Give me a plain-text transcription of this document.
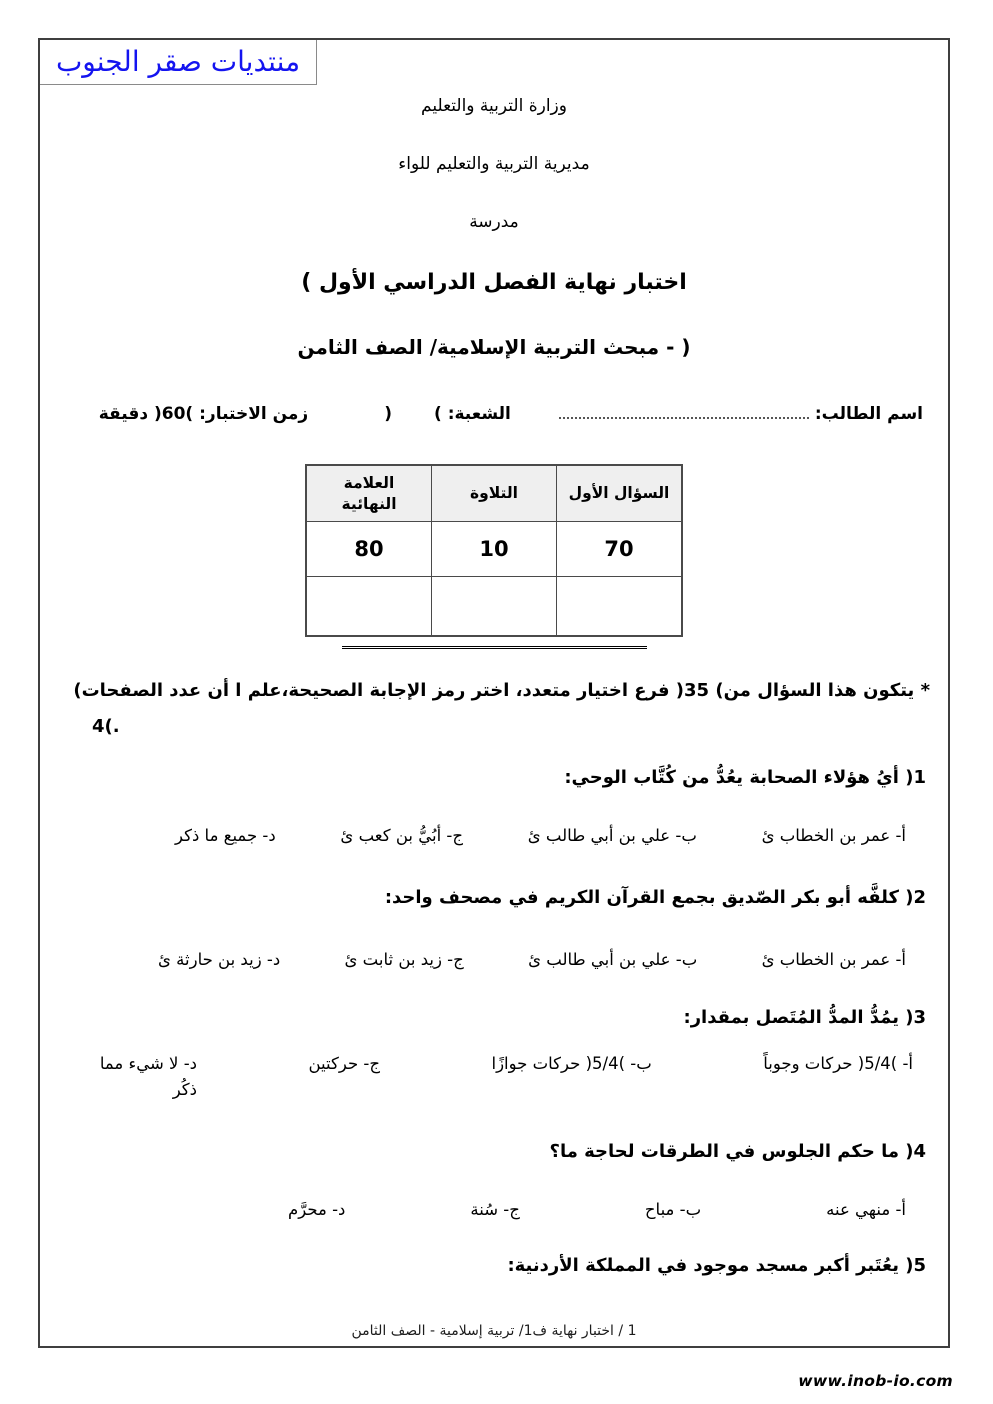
منتديات صقر الجنوب
وزارة التربية والتعليم
مديرية التربية والتعليم للواء
مدرسة
اختبار نهاية الفصل الدراسي الأول )
( - مبحث التربية الإسلامية/ الصف الثامن
اسم الطالب:
الشعبة: )
(
زمن الاختبار: )60( دقيقة
السؤال الأول	التلاوة	العلامة النهائية
70	10	80

* يتكون هذا السؤال من) 35( فرع اختيار متعدد، اختر رمز الإجابة الصحيحة،علم ا أن عدد الصفحات)
4(.
1( أيُ هؤلاء الصحابة يعُدُّ من كُتَّاب الوحي:
أ- عمر بن الخطاب ئ
ب- علي بن أبي طالب ئ
ج- أبُيُّ بن كعب ئ
د- جميع ما ذكر
2( كلفَّه أبو بكر الصّديق بجمع القرآن الكريم في مصحف واحد:
أ- عمر بن الخطاب ئ
ب- علي بن أبي طالب ئ
ج- زيد بن ثابت ئ
د- زيد بن حارثة ئ
3( يمُدُّ المدُّ المُتَصل بمقدار:
أ- )5/4( حركات وجوباً
ب- )5/4( حركات جوازًا
ج- حركتين
د- لا شيء مما ذكُر
4( ما حكم الجلوس في الطرقات لحاجة ما؟
أ- منهي عنه
ب- مباح
ج- سُنة
د- محرَّم
5( يعُتَبر أكبر مسجد موجود في المملكة الأردنية:
1 / اختبار نهاية ف1/ تربية إسلامية - الصف الثامن
www.inob-io.com
